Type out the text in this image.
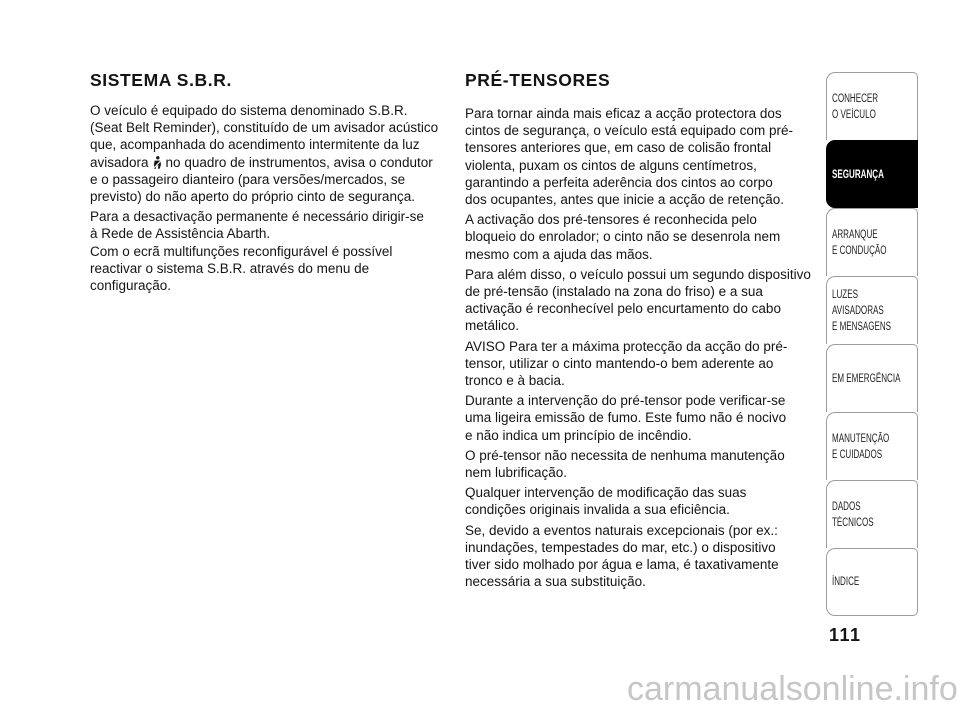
SISTEMA S.B.R.

O veículo é equipado do sistema denominado S.B.R.
(Seat Belt Reminder), constituído de um avisador acústico
que, acompanhada do acendimento intermitente da luz
avisadora no quadro de instrumentos, avisa o condutor
e o passageiro dianteiro (para versões/mercados, se
previsto) do não aperto do próprio cinto de segurança.

Para a desactivação permanente é necessário dirigir-se
à Rede de Assistência Abarth.
Com o ecrã multifunções reconfigurável é possível
reactivar o sistema S.B.R. através do menu de
configuração.

PRÉ-TENSORES

Para tornar ainda mais eficaz a acção protectora dos
cintos de segurança, o veículo está equipado com pré-
tensores anteriores que, em caso de colisão frontal
violenta, puxam os cintos de alguns centímetros,
garantindo a perfeita aderência dos cintos ao corpo
dos ocupantes, antes que inicie a acção de retenção.

A activação dos pré-tensores é reconhecida pelo
bloqueio do enrolador; o cinto não se desenrola nem
mesmo com a ajuda das mãos.

Para além disso, o veículo possui um segundo dispositivo
de pré-tensão (instalado na zona do friso) e a sua
activação é reconhecível pelo encurtamento do cabo
metálico.

AVISO Para ter a máxima protecção da acção do pré-
tensor, utilizar o cinto mantendo-o bem aderente ao
tronco e à bacia.

Durante a intervenção do pré-tensor pode verificar-se
uma ligeira emissão de fumo. Este fumo não é nocivo
e não indica um princípio de incêndio.

O pré-tensor não necessita de nenhuma manutenção
nem lubrificação.

Qualquer intervenção de modificação das suas
condições originais invalida a sua eficiência.

Se, devido a eventos naturais excepcionais (por ex.:
inundações, tempestades do mar, etc.) o dispositivo
tiver sido molhado por água e lama, é taxativamente
necessária a sua substituição.

CONHECER
O VEÍCULO
SEGURANÇA
ARRANQUE
E CONDUÇÃO
LUZES
AVISADORAS
E MENSAGENS
EM EMERGÊNCIA
MANUTENÇÃO
E CUIDADOS
DADOS
TÉCNICOS
ÍNDICE
111
carmanualsonline.info
